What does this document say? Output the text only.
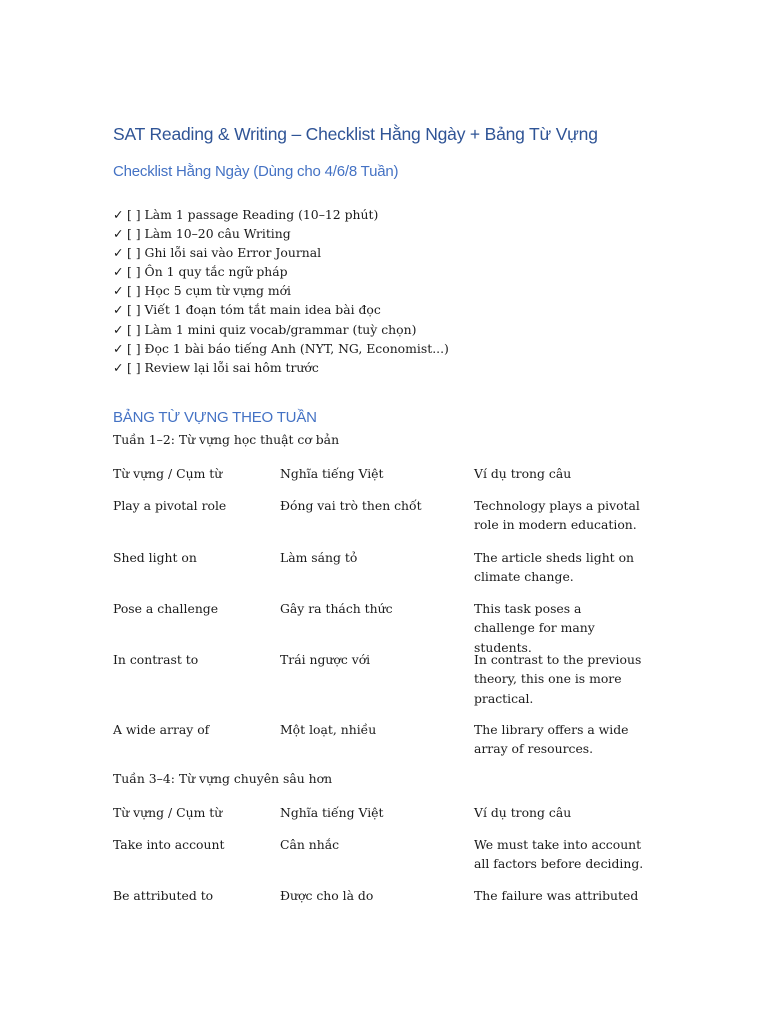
SAT Reading & Writing – Checklist Hằng Ngày + Bảng Từ Vựng
Checklist Hằng Ngày (Dùng cho 4/6/8 Tuần)
✓ [ ] Làm 1 passage Reading (10–12 phút)
✓ [ ] Làm 10–20 câu Writing
✓ [ ] Ghi lỗi sai vào Error Journal
✓ [ ] Ôn 1 quy tắc ngữ pháp
✓ [ ] Học 5 cụm từ vựng mới
✓ [ ] Viết 1 đoạn tóm tắt main idea bài đọc
✓ [ ] Làm 1 mini quiz vocab/grammar (tuỳ chọn)
✓ [ ] Đọc 1 bài báo tiếng Anh (NYT, NG, Economist...)
✓ [ ] Review lại lỗi sai hôm trước
BẢNG TỪ VỰNG THEO TUẦN
Tuần 1–2: Từ vựng học thuật cơ bản
Từ vựng / Cụm từ	Nghĩa tiếng Việt	Ví dụ trong câu
Play a pivotal role	Đóng vai trò then chốt	Technology plays a pivotal role in modern education.
Shed light on	Làm sáng tỏ	The article sheds light on climate change.
Pose a challenge	Gây ra thách thức	This task poses a challenge for many students.
In contrast to	Trái ngược với	In contrast to the previous theory, this one is more practical.
A wide array of	Một loạt, nhiều	The library offers a wide array of resources.
Tuần 3–4: Từ vựng chuyên sâu hơn
Từ vựng / Cụm từ	Nghĩa tiếng Việt	Ví dụ trong câu
Take into account	Cân nhắc	We must take into account all factors before deciding.
Be attributed to	Được cho là do	The failure was attributed
